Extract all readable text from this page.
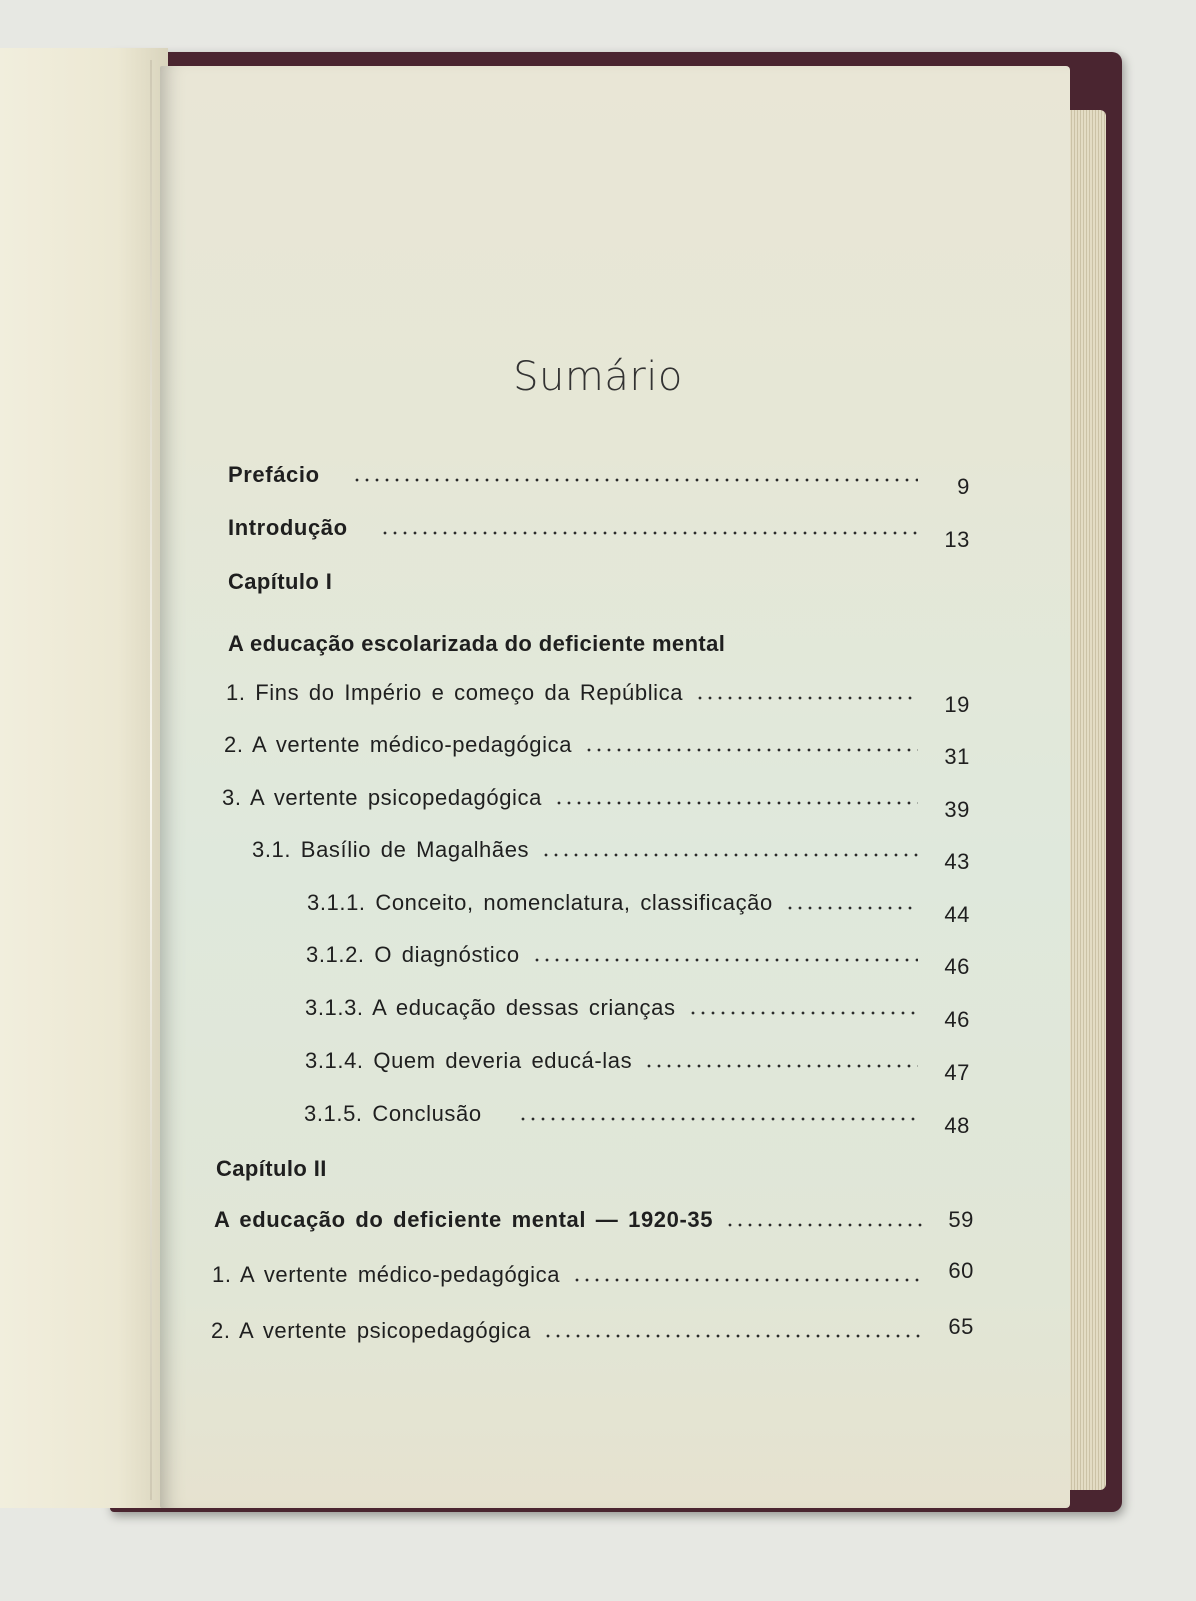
Sumário
Prefácio	9
Introdução	13
Capítulo I
A educação escolarizada do deficiente mental
1. Fins do Império e começo da República	19
2. A vertente médico-pedagógica	31
3. A vertente psicopedagógica	39
3.1. Basílio de Magalhães	43
3.1.1. Conceito, nomenclatura, classificação	44
3.1.2. O diagnóstico	46
3.1.3. A educação dessas crianças	46
3.1.4. Quem deveria educá-las	47
3.1.5. Conclusão	48
Capítulo II
A educação do deficiente mental — 1920-35	59
1. A vertente médico-pedagógica	60
2. A vertente psicopedagógica	65
